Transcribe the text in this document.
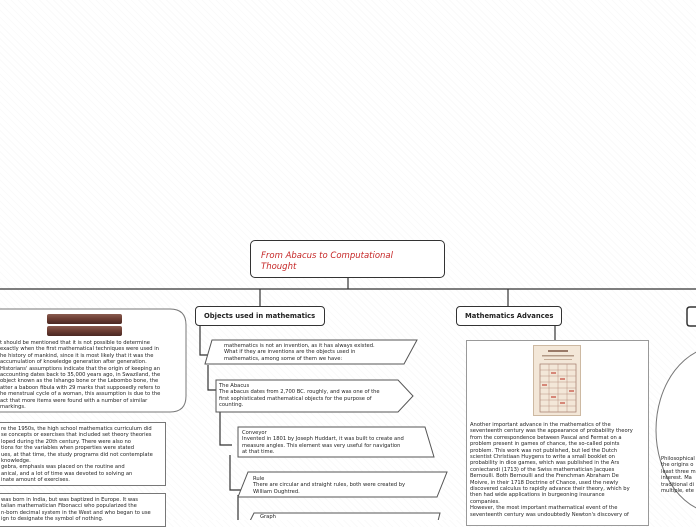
From Abacus to Computational
Thought
Objects used in mathematics	Mathematics Advances
t should be mentioned that it is not possible to determine
exactly when the first mathematical techniques were used in
he history of mankind, since it is most likely that it was the
accumulation of knowledge generation after generation.
Historians' assumptions indicate that the origin of keeping an
accounting dates back to 35,000 years ago, in Swaziland, the
object known as the Ishango bone or the Lebombo bone, the
atter a baboon fibula with 29 marks that supposedly refers to
he menstrual cycle of a woman, this assumption is due to the
act that more items were found with a number of similar
markings.
re the 1950s, the high school mathematics curriculum did
se concepts or exercises that included set theory theories
loped during the 20th century. There were also no
tions for the variables when properties were stated
ues, at that time, the study programs did not contemplate
knowledge.
gebra, emphasis was placed on the routine and
anical, and a lot of time was devoted to solving an
inate amount of exercises.
was born in India, but was baptized in Europe. It was
talian mathematician Fibonacci who popularized the
n-born decimal system in the West and who began to use
ign to designate the symbol of nothing.
mathematics is not an invention, as it has always existed.
What if they are inventions are the objects used in
mathematics, among some of them we have:
The Abacus
The abacus dates from 2,700 BC. roughly, and was one of the
first sophisticated mathematical objects for the purpose of
counting.
Conveyor
Invented in 1801 by Joseph Huddart, it was built to create and
measure angles. This element was very useful for navigation
at that time.
Rule
There are circular and straight rules, both were created by
William Oughtred.
Graph
Another important advance in the mathematics of the
seventeenth century was the appearance of probability theory
from the correspondence between Pascal and Fermat on a
problem present in games of chance, the so-called points
problem. This work was not published, but led the Dutch
scientist Christiaan Huygens to write a small booklet on
probability in dice games, which was published in the Ars
coniectandi (1713) of the Swiss mathematician Jacques
Bernoulli. Both Bernoulli and the Frenchman Abraham De
Moivre, in their 1718 Doctrine of Chance, used the newly
discovered calculus to rapidly advance their theory, which by
then had wide applications in burgeoning insurance
companies.
However, the most important mathematical event of the
seventeenth century was undoubtedly Newton's discovery of
Philosophical
the origins o
least three m
interest. Ma
traditional di
multiple, ete
